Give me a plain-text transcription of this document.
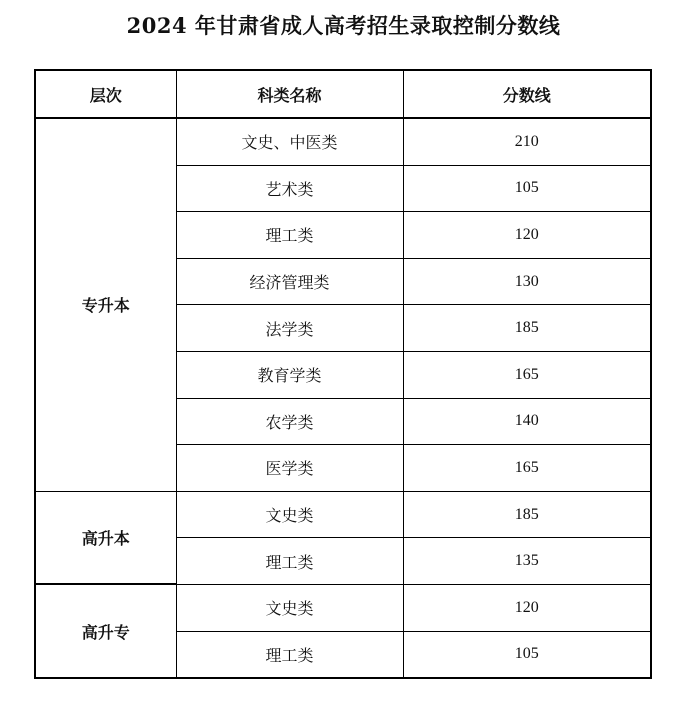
2024 年甘肃省成人高考招生录取控制分数线
层次	科类名称	分数线
专升本	文史、中医类	210
	艺术类	105
	理工类	120
	经济管理类	130
	法学类	185
	教育学类	165
	农学类	140
	医学类	165
高升本	文史类	185
	理工类	135
高升专	文史类	120
	理工类	105
